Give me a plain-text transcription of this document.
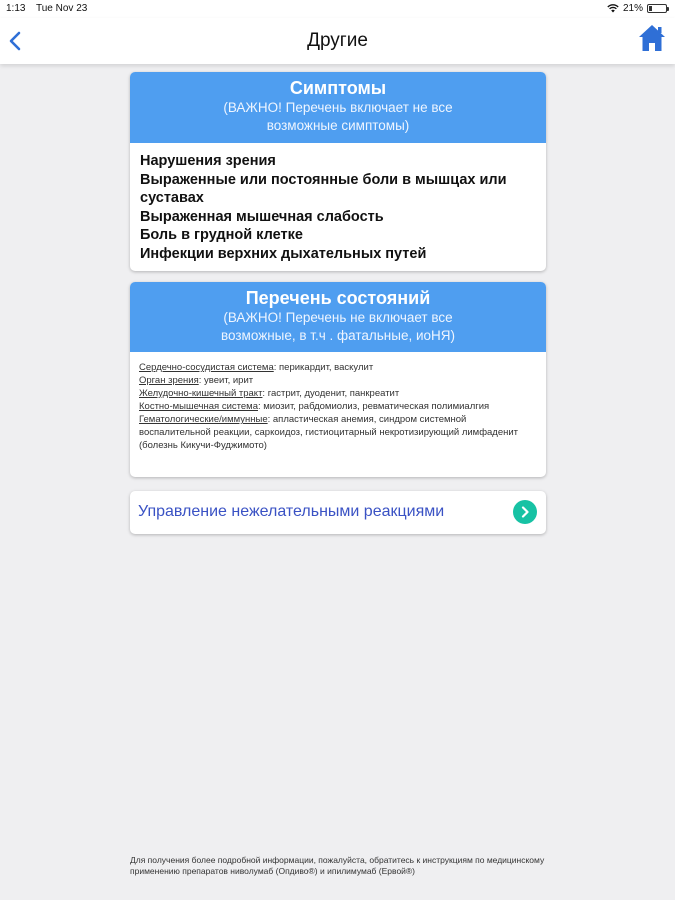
1:13 Tue Nov 23	21%
Другие
Симптомы
(ВАЖНО! Перечень включает не все
возможные симптомы)
Нарушения зрения
Выраженные или постоянные боли в мышцах или суставах
Выраженная мышечная слабость
Боль в грудной клетке
Инфекции верхних дыхательных путей
Перечень состояний
(ВАЖНО! Перечень не включает все
возможные, в т.ч . фатальные, иоНЯ)

Сердечно-сосудистая система: перикардит, васкулит

Орган зрения: увеит, ирит

Желудочно-кишечный тракт: гастрит, дуоденит, панкреатит

Костно-мышечная система: миозит, рабдомиолиз, ревматическая полимиалгия

Гематологические/иммунные: апластическая анемия, синдром системной воспалительной реакции, саркоидоз, гистиоцитарный некротизирующий лимфаденит (болезнь Кикучи-Фуджимото)

Управление нежелательными реакциями
Для получения более подробной информации, пожалуйста, обратитесь к инструкциям по медицинскому применению препаратов ниволумаб (Опдиво®) и ипилимумаб (Ервой®)
